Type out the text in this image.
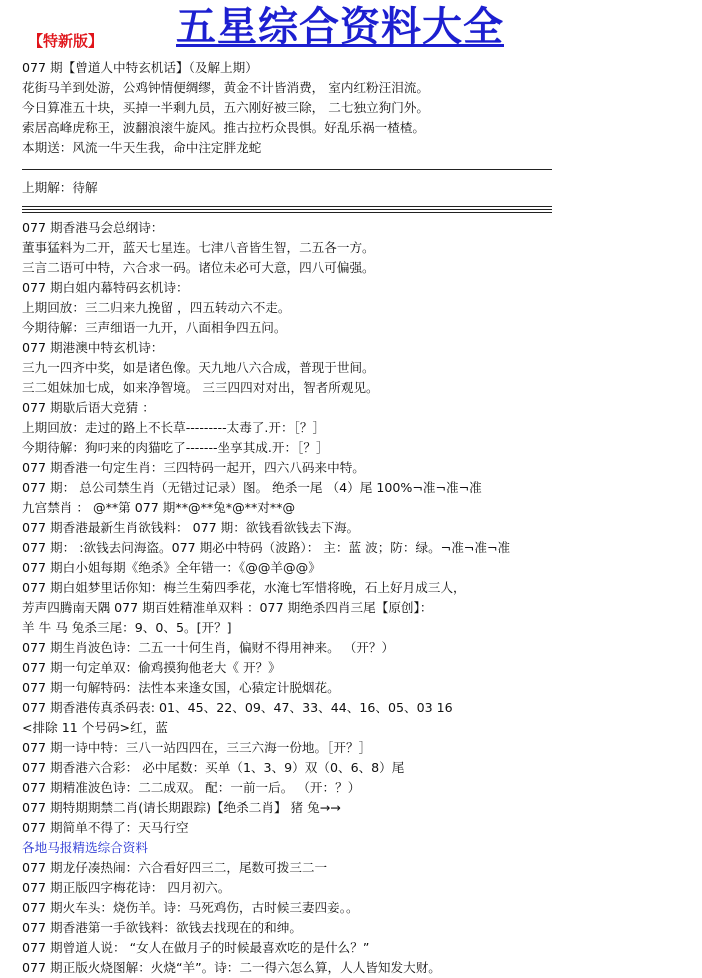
【特新版】 五星综合资料大全
077 期【曾道人中特玄机话】（及解上期）
花街马羊到处游，公鸡钟情便绸缪，黄金不计皆消费， 室内红粉汪泪流。
今日算准五十块，买掉一半剩九员，五六刚好被三除， 二七独立狗门外。
索居高峰虎称王，波翻浪滚牛旋风。推古拉朽众畏惧。好乱乐祸一楂楂。
本期送：风流一牛天生我，命中注定胖龙蛇
上期解：待解
077 期香港马会总纲诗：
董事猛料为二开，蓝天七星连。七津八音皆生智，二五各一方。
三言二语可中特，六合求一码。诸位未必可大意，四八可偏强。
077 期白姐内幕特码玄机诗：
上期回放：三二归来九挽留 ，四五转动六不走。
今期待解：三声细语一九开，八面相争四五问。
077 期港澳中特玄机诗：
三九一四齐中奖，如是诸色像。天九地八六合成，普现于世间。
三二姐妹加七成，如来净智境。 三三四四对对出，智者所观见。
077 期歇后语大竞猜 ：
上期回放：走过的路上不长草---------太毒了.开：［？］
今期待解：狗叼来的肉猫吃了-------坐享其成.开：［？］
077 期香港一句定生肖：三四特码一起开，四六八码来中特。
077 期： 总公司禁生肖（无错过记录）图。 绝杀一尾 （4）尾 100%¬准¬准¬准
九宫禁肖 ： @**第 077 期**@**兔*@**对**@
077 期香港最新生肖欲钱料： 077 期：欲钱看欲钱去下海。
077 期： :欲钱去问海盗。077 期必中特码（波路）： 主：蓝 波；防：绿。¬准¬准¬准
077 期白小姐每期《绝杀》全年错一：《@@羊@@》
077 期白姐梦里话你知：梅兰生菊四季花，水淹七军惜将晚，石上好月成三人，
芳声四腾南天隅 077 期百姓精准单双料 ：077 期绝杀四肖三尾【原创】：
羊 牛 马 兔杀三尾：9、0、5。[开？]
077 期生肖波色诗：二五一十何生肖，偏财不得用神来。 （开？）
077 期一句定单双：偷鸡摸狗他老大《 开？》
077 期一句解特码：法性本来逢女国，心猿定计脱烟花。
077 期香港传真杀码表: 01、45、22、09、47、33、44、16、05、03 16
<排除 11 个号码>红，蓝
077 期一诗中特：三八一站四四在，三三六海一份地。［开？］
077 期香港六合彩： 必中尾数：买单（1、3、9）双（0、6、8）尾
077 期精准波色诗：二二成双。 配：一前一后。 （开：？）
077 期特期期禁二肖(请长期跟踪)【绝杀二肖】 猪 兔→→
077 期简单不得了：天马行空
各地马报精选综合资料
077 期龙仔凑热闹：六合看好四三二，尾数可拨三二一
077 期正版四字梅花诗： 四月初六。
077 期火车头：烧伤羊。诗：马死鸡伤，古时候三妻四妾。。
077 期香港第一手欲钱料：欲钱去找现在的和绅。
077 期曾道人说： “女人在做月子的时候最喜欢吃的是什么？”
077 期正版火烧图解：火烧“羊”。诗：二一得六怎么算，人人皆知发大财。
